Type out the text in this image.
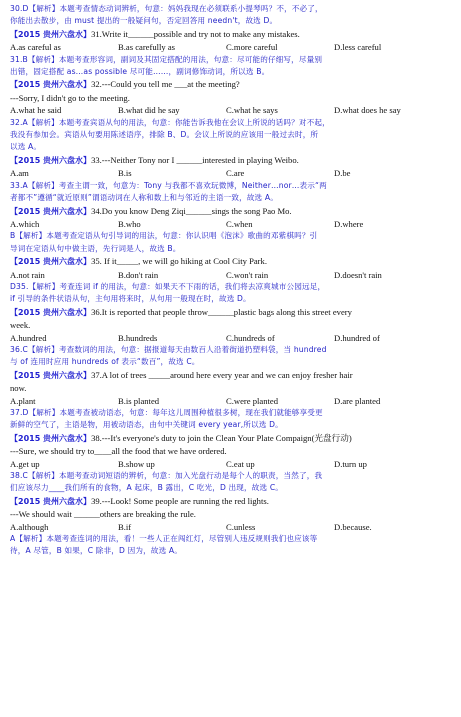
30.D【解析】本题考查情态动词辨析，句意：妈妈我现在必须联系小提琴吗？不，不必了，
你能出去散步，由 must 提出的一般疑问句，否定回答用 needn't，故选 D。
【2015 贵州六盘水】31.Write it______possible and try not to make any mistakes.
A.as careful as	B.as carefully as	C.more careful	D.less careful
31.B【解析】本题考查形容词，副词及其固定搭配的用法，句意：尽可能的仔细写，尽量别
出错，固定搭配 as…as possible 尽可能……，副词修饰动词，所以选 B。
【2015 贵州六盘水】32.---Could you tell me ___at the meeting?
---Sorry, I didn't go to the meeting.
A.what he said	B.what did he say	C.what he says	D.what does he say
32.A【解析】本题考查宾语从句的用法，句意：你能告诉我他在会议上所说的话吗？对不起，
我没有参加会。宾语从句要用陈述语序，排除 B、D。会议上所说的应该用一般过去时，所
以选 A。
【2015 贵州六盘水】33.---Neither Tony nor I ______interested in playing Weibo.
A.am	B.is	C.are	D.be
33.A【解析】考查主谓一致，句意为：Tony 与我都不喜欢玩微博，Neither…nor…表示“两
者都不”遵循“就近原则”谓语动词在人称和数上和与邻近的主语一致，故选 A。
【2015 贵州六盘水】34.Do you know Deng Ziqi______sings the song Pao Mo.
A.which	B.who	C.when	D.where
B【解析】本题考查定语从句引导词的用法，句意：你认识唱《泡沫》歌曲的邓紫棋吗？引
导词在定语从句中做主语，先行词是人，故选 B。
【2015 贵州六盘水】35. If it_____, we will go hiking at Cool City Park.
A.not rain	B.don't rain	C.won't rain	D.doesn't rain
D35.【解析】考查连词 if 的用法，句意：如果天不下雨的话，我们将去凉爽城市公园远足，
if 引导的条件状语从句，主句用将来时，从句用一般现在时，故选 D。
【2015 贵州六盘水】36.It is reported that people throw______plastic bags along this street every
week.
A.hundred	B.hundreds	C.hundreds of	D.hundred of
36.C【解析】考查数词的用法，句意：据报道每天由数百人沿着街道扔塑料袋，当 hundred
与 of 连用时应用 hundreds of 表示“数百”，故选 C。
【2015 贵州六盘水】37.A lot of trees _____around here every year and we can enjoy fresher hair
now.
A.plant	B.is planted	C.were planted	D.are planted
37.D【解析】本题考查被动语态，句意：每年这儿周围种植很多树，现在我们就能够享受更
新鲜的空气了，主语是物，用被动语态，由句中关键词 every year,所以选 D。
【2015 贵州六盘水】38.---It's everyone's duty to join the Clean Your Plate Compaign(光盘行动)
---Sure, we should try to____all the food that we have ordered.
A.get up	B.show up	C.eat up	D.turn up
38.C【解析】本题考查动词短语的辨析，句意：加入光盘行动是每个人的职责，当然了，我
们应该尽力____我们所有的食物，A 起床，B 露出，C 吃光，D 出现，故选 C。
【2015 贵州六盘水】39.---Look! Some people are running the red lights.
---We should wait ______others are breaking the rule.
A.although	B.if	C.unless	D.because.
A【解析】本题考查连词的用法，看！一些人正在闯红灯，尽管别人违反规则我们也应该等
待，A 尽管，B 如果，C 除非，D 因为，故选 A。
